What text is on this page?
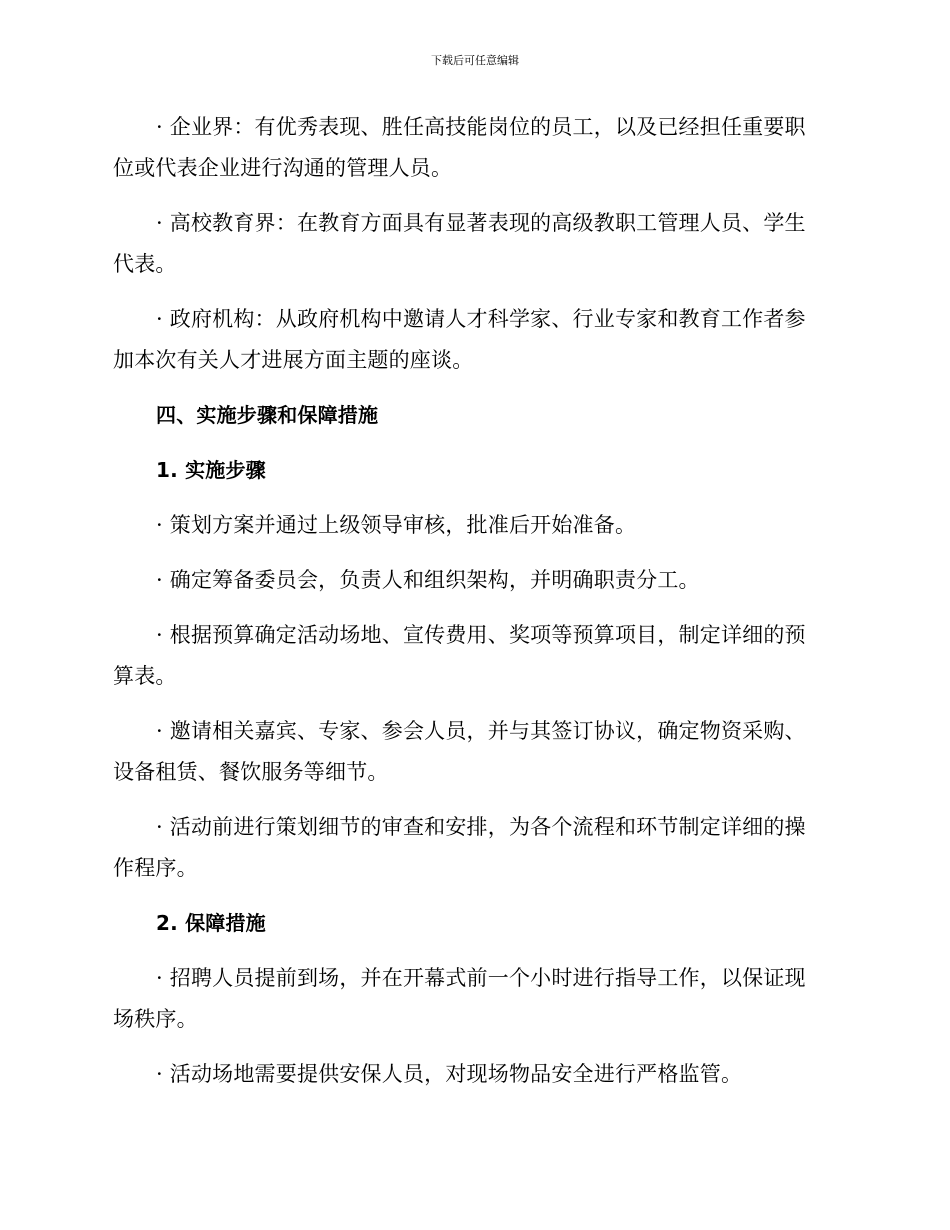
下载后可任意编辑

· 企业界：有优秀表现、胜任高技能岗位的员工，以及已经担任重要职位或代表企业进行沟通的管理人员。

· 高校教育界：在教育方面具有显著表现的高级教职工管理人员、学生代表。

· 政府机构：从政府机构中邀请人才科学家、行业专家和教育工作者参加本次有关人才进展方面主题的座谈。

四、实施步骤和保障措施

1. 实施步骤

· 策划方案并通过上级领导审核，批准后开始准备。

· 确定筹备委员会，负责人和组织架构，并明确职责分工。

· 根据预算确定活动场地、宣传费用、奖项等预算项目，制定详细的预算表。

· 邀请相关嘉宾、专家、参会人员，并与其签订协议，确定物资采购、设备租赁、餐饮服务等细节。

· 活动前进行策划细节的审查和安排，为各个流程和环节制定详细的操作程序。

2. 保障措施

· 招聘人员提前到场，并在开幕式前一个小时进行指导工作，以保证现场秩序。

· 活动场地需要提供安保人员，对现场物品安全进行严格监管。
